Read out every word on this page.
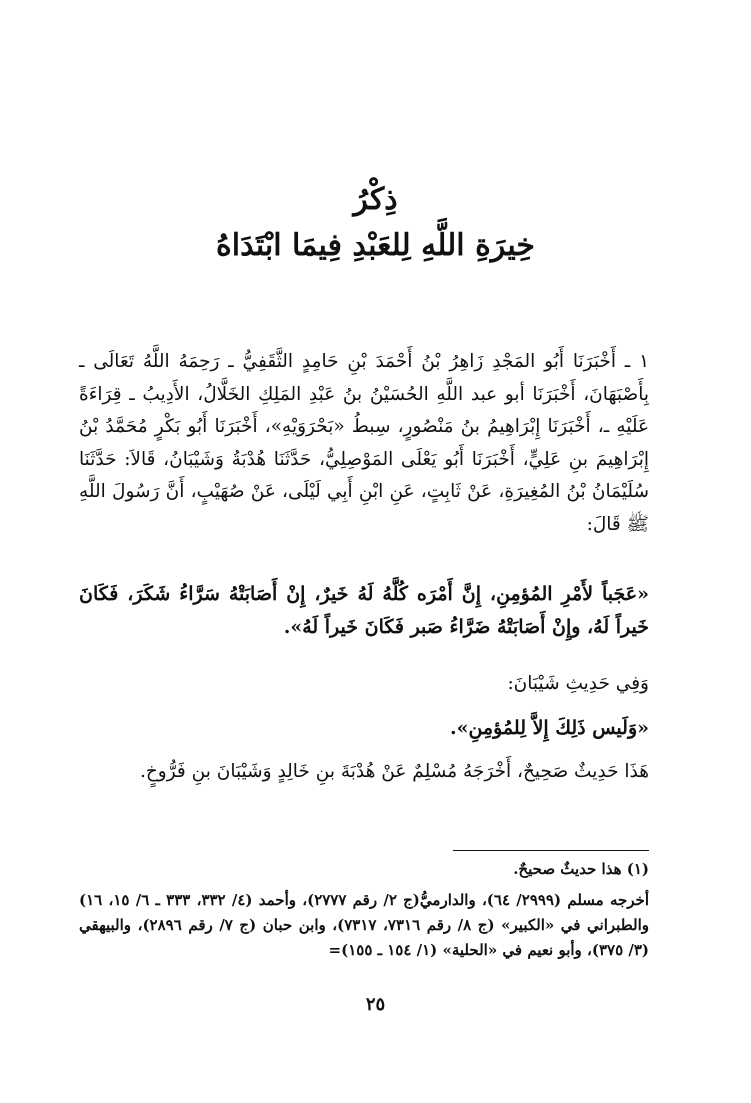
ذِكْرُ
خِيرَةِ اللَّهِ لِلعَبْدِ فِيمَا ابْتَدَاهُ

١ ـ أَخْبَرَنَا أَبُو المَجْدِ زَاهِرُ بْنُ أَحْمَدَ بْنِ حَامِدٍ الثَّقَفِيُّ ـ رَحِمَهُ اللَّهُ تَعَالَى ـ بِأَصْبَهَانَ، أَخْبَرَنَا أبو عبد اللَّهِ الحُسَيْنُ بنُ عَبْدِ المَلِكِ الخَلَّالُ، الأَدِيبُ ـ قِرَاءَةً عَلَيْهِ ـ، أَخْبَرَنَا إِبْرَاهِيمُ بنُ مَنْصُورٍ، سِبطُ «بَحْرَوَيْهِ»، أَخْبَرَنَا أَبُو بَكْرٍ مُحَمَّدُ بْنُ إِبْرَاهِيمَ بنِ عَلِيٍّ، أَخْبَرَنَا أَبُو يَعْلَى المَوْصِلِيُّ، حَدَّثَنَا هُدْبَةُ وَشَيْبَانُ، قَالاَ: حَدَّثَنَا سُلَيْمَانُ بْنُ المُغِيرَةِ، عَنْ ثَابِتٍ، عَنِ ابْنِ أَبِي لَيْلَى، عَنْ صُهَيْبٍ، أَنَّ رَسُولَ اللَّهِ ﷺ قَالَ:

«عَجَباً لأَمْرِ المُؤمِنِ، إِنَّ أَمْرَه كُلَّهُ لَهُ خَيرٌ، إِنْ أَصَابَتْهُ سَرَّاءُ شَكَرَ، فَكَانَ خَيراً لَهُ، وإِنْ أَصَابَتْهُ ضَرَّاءُ صَبر فَكَانَ خَيراً لَهُ».

وَفِي حَدِيثِ شَيْبَانَ:

«وَلَيس ذَلِكَ إِلاَّ لِلمُؤمِنِ».

هَذَا حَدِيثٌ صَحِيحٌ، أَخْرَجَهُ مُسْلِمٌ عَنْ هُدْبَةَ بنِ خَالِدٍ وَشَيْبَانَ بنِ فَرُّوخٍ.

(١) هذا حديثٌ صحيحٌ.

أخرجه مسلم (٢٩٩٩/ ٦٤)، والدارميُّ(ج ٢/ رقم ٢٧٧٧)، وأحمد (٤/ ٣٣٢، ٣٣٣ ـ ٦/ ١٥، ١٦) والطبراني في «الكبير» (ج ٨/ رقم ٧٣١٦، ٧٣١٧)، وابن حبان (ج ٧/ رقم ٢٨٩٦)، والبيهقي (٣/ ٣٧٥)، وأبو نعيم في «الحلية» (١/ ١٥٤ ـ ١٥٥)=

٢٥
